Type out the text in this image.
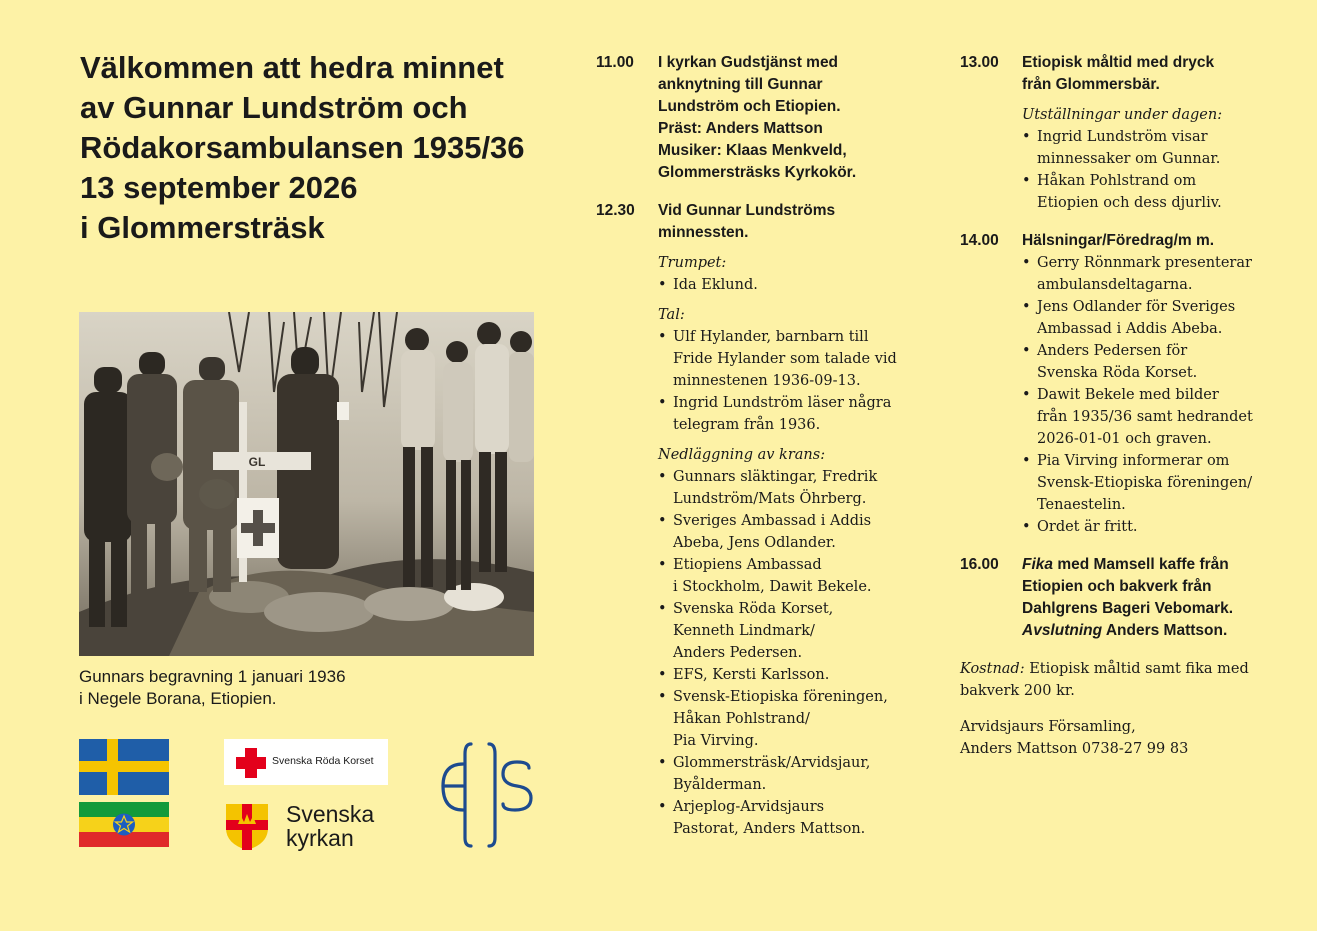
Välkommen att hedra minnet
av Gunnar Lundström och
Rödakorsambulansen 1935/36
13 september 2026
i Glommersträsk
GL
Gunnars begravning 1 januari 1936
i Negele Borana, Etiopien.
Svenska Röda Korset
Svenska
kyrkan
11.00	I kyrkan Gudstjänst med
anknytning till Gunnar
Lundström och Etiopien.
Präst: Anders Mattson
Musiker: Klaas Menkveld,
Glommersträsks Kyrkokör.
12.30	Vid Gunnar Lundströms
minnessten.
Trumpet:
• Ida Eklund.
Tal:
• Ulf Hylander, barnbarn till
Fride Hylander som talade vid
minnestenen 1936-09-13.
• Ingrid Lundström läser några
telegram från 1936.
Nedläggning av krans:
• Gunnars släktingar, Fredrik
Lundström/Mats Öhrberg.
• Sveriges Ambassad i Addis
Abeba, Jens Odlander.
• Etiopiens Ambassad
i Stockholm, Dawit Bekele.
• Svenska Röda Korset,
Kenneth Lindmark/
Anders Pedersen.
• EFS, Kersti Karlsson.
• Svensk-Etiopiska föreningen,
Håkan Pohlstrand/
Pia Virving.
• Glommersträsk/Arvidsjaur,
Byålderman.
• Arjeplog-Arvidsjaurs
Pastorat, Anders Mattson.
13.00	Etiopisk måltid med dryck
från Glommersbär.
Utställningar under dagen:
• Ingrid Lundström visar
minnessaker om Gunnar.
• Håkan Pohlstrand om
Etiopien och dess djurliv.
14.00	Hälsningar/Föredrag/m m.
• Gerry Rönnmark presenterar
ambulansdeltagarna.
• Jens Odlander för Sveriges
Ambassad i Addis Abeba.
• Anders Pedersen för
Svenska Röda Korset.
• Dawit Bekele med bilder
från 1935/36 samt hedrandet
2026-01-01 och graven.
• Pia Virving informerar om
Svensk-Etiopiska föreningen/
Tenaestelin.
• Ordet är fritt.
16.00	Fika med Mamsell kaffe från
Etiopien och bakverk från
Dahlgrens Bageri Vebomark.
Avslutning Anders Mattson.
Kostnad: Etiopisk måltid samt fika med
bakverk 200 kr.
Arvidsjaurs Församling,
Anders Mattson 0738-27 99 83
